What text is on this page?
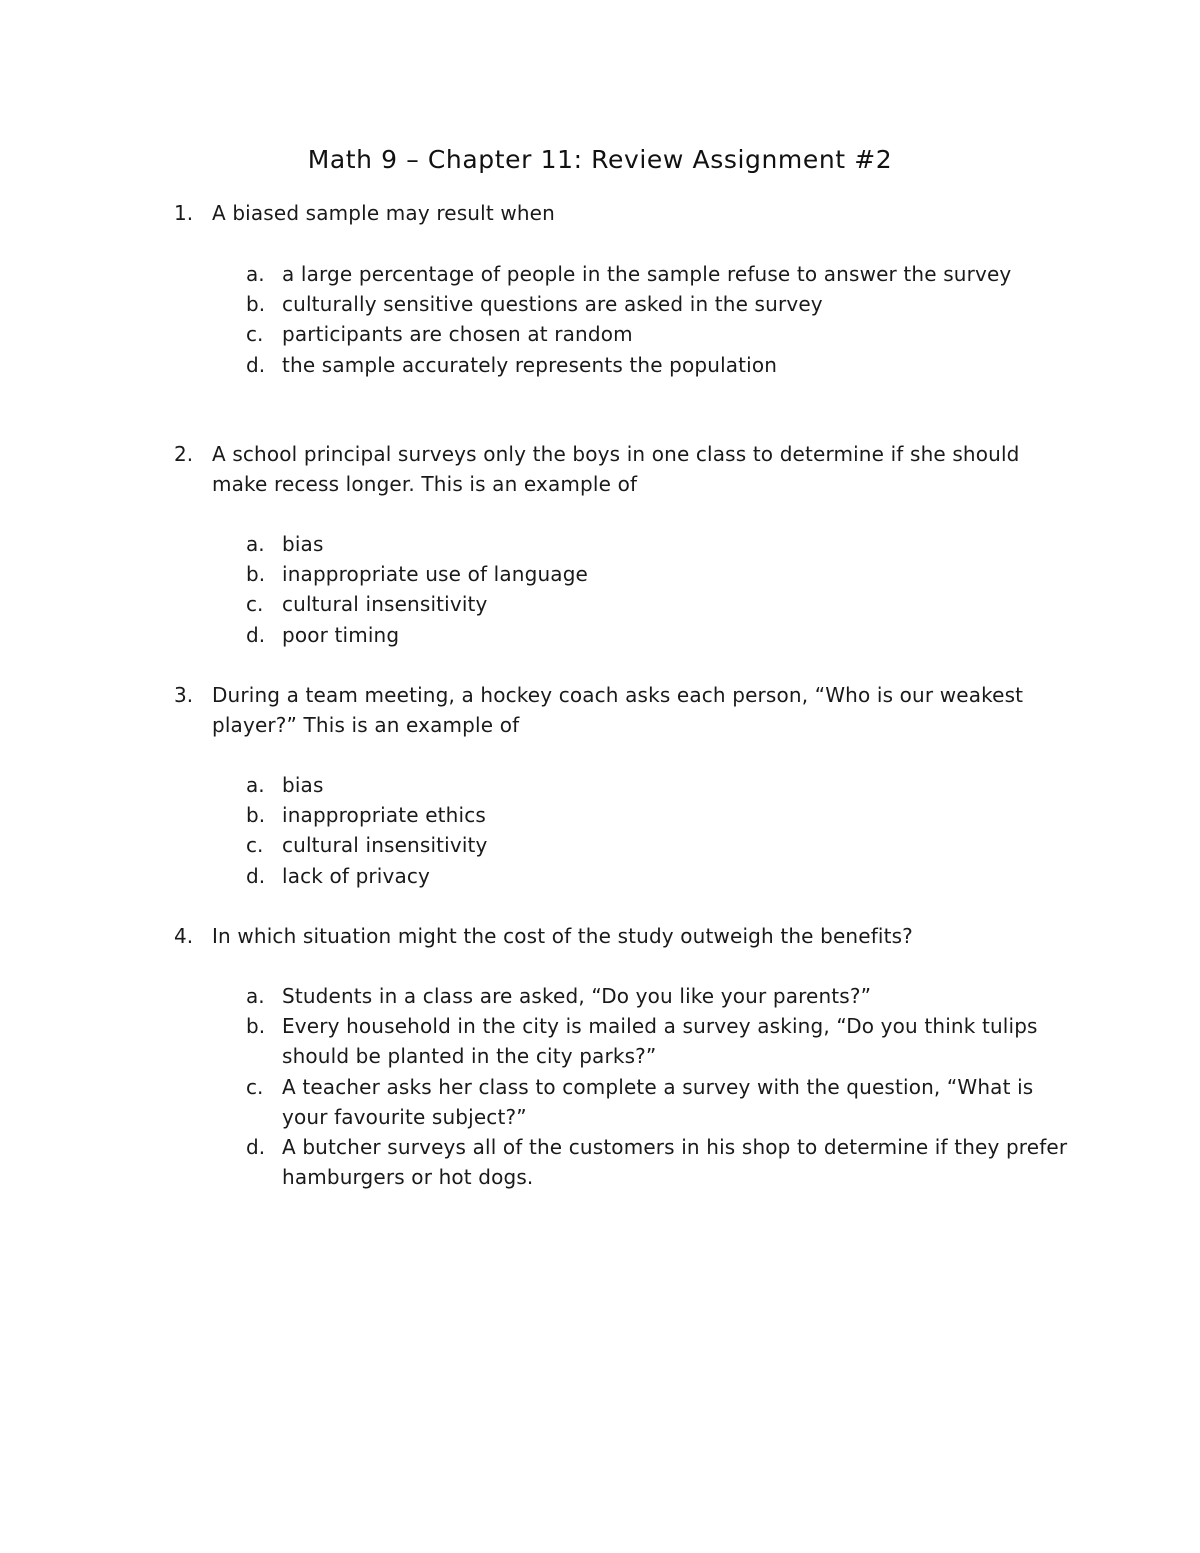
Math 9 – Chapter 11: Review Assignment #2
1. A biased sample may result when
a. a large percentage of people in the sample refuse to answer the survey
b. culturally sensitive questions are asked in the survey
c. participants are chosen at random
d. the sample accurately represents the population
2. A school principal surveys only the boys in one class to determine if she should make recess longer. This is an example of
a. bias
b. inappropriate use of language
c. cultural insensitivity
d. poor timing
3. During a team meeting, a hockey coach asks each person, “Who is our weakest player?” This is an example of
a. bias
b. inappropriate ethics
c. cultural insensitivity
d. lack of privacy
4. In which situation might the cost of the study outweigh the benefits?
a. Students in a class are asked, “Do you like your parents?”
b. Every household in the city is mailed a survey asking, “Do you think tulips should be planted in the city parks?”
c. A teacher asks her class to complete a survey with the question, “What is your favourite subject?”
d. A butcher surveys all of the customers in his shop to determine if they prefer hamburgers or hot dogs.
